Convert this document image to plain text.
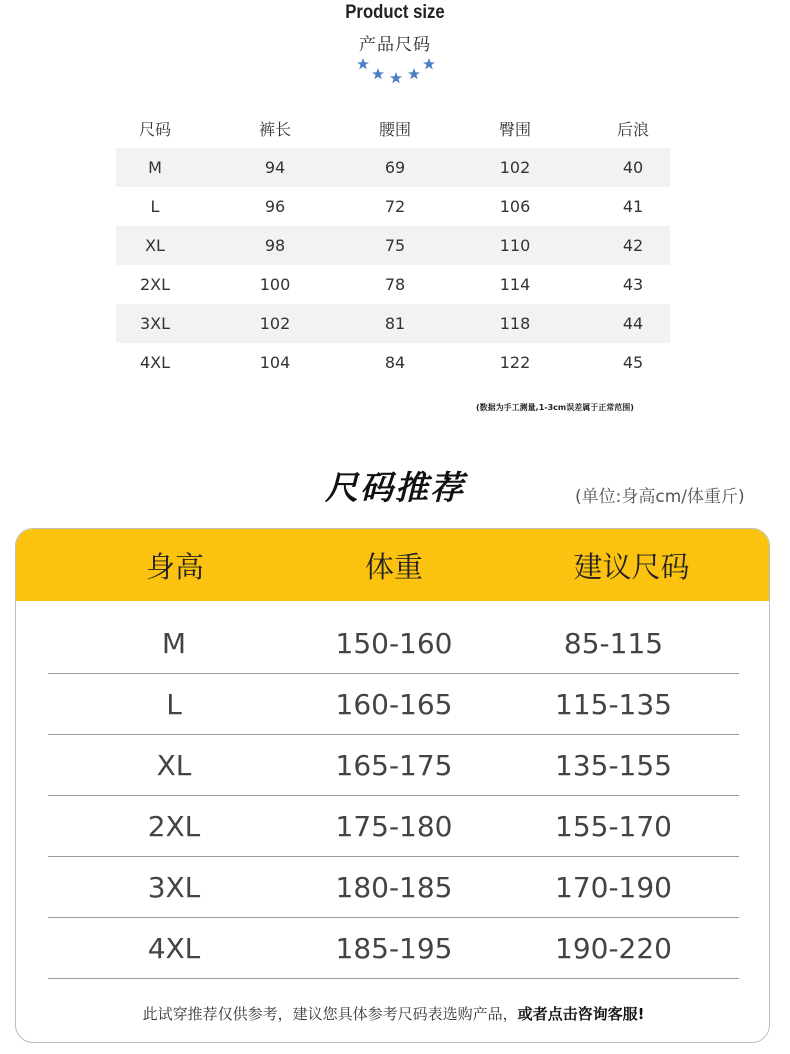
Product size
产品尺码
尺码	裤长	腰围	臀围	后浪
M	94	69	102	40
L	96	72	106	41
XL	98	75	110	42
2XL	100	78	114	43
3XL	102	81	118	44
4XL	104	84	122	45
(数据为手工测量,1-3cm误差属于正常范围)
尺码推荐	(单位:身高cm/体重斤)
身高	体重	建议尺码
M	150-160	85-115
L	160-165	115-135
XL	165-175	135-155
2XL	175-180	155-170
3XL	180-185	170-190
4XL	185-195	190-220
此试穿推荐仅供参考，建议您具体参考尺码表选购产品，或者点击咨询客服!
